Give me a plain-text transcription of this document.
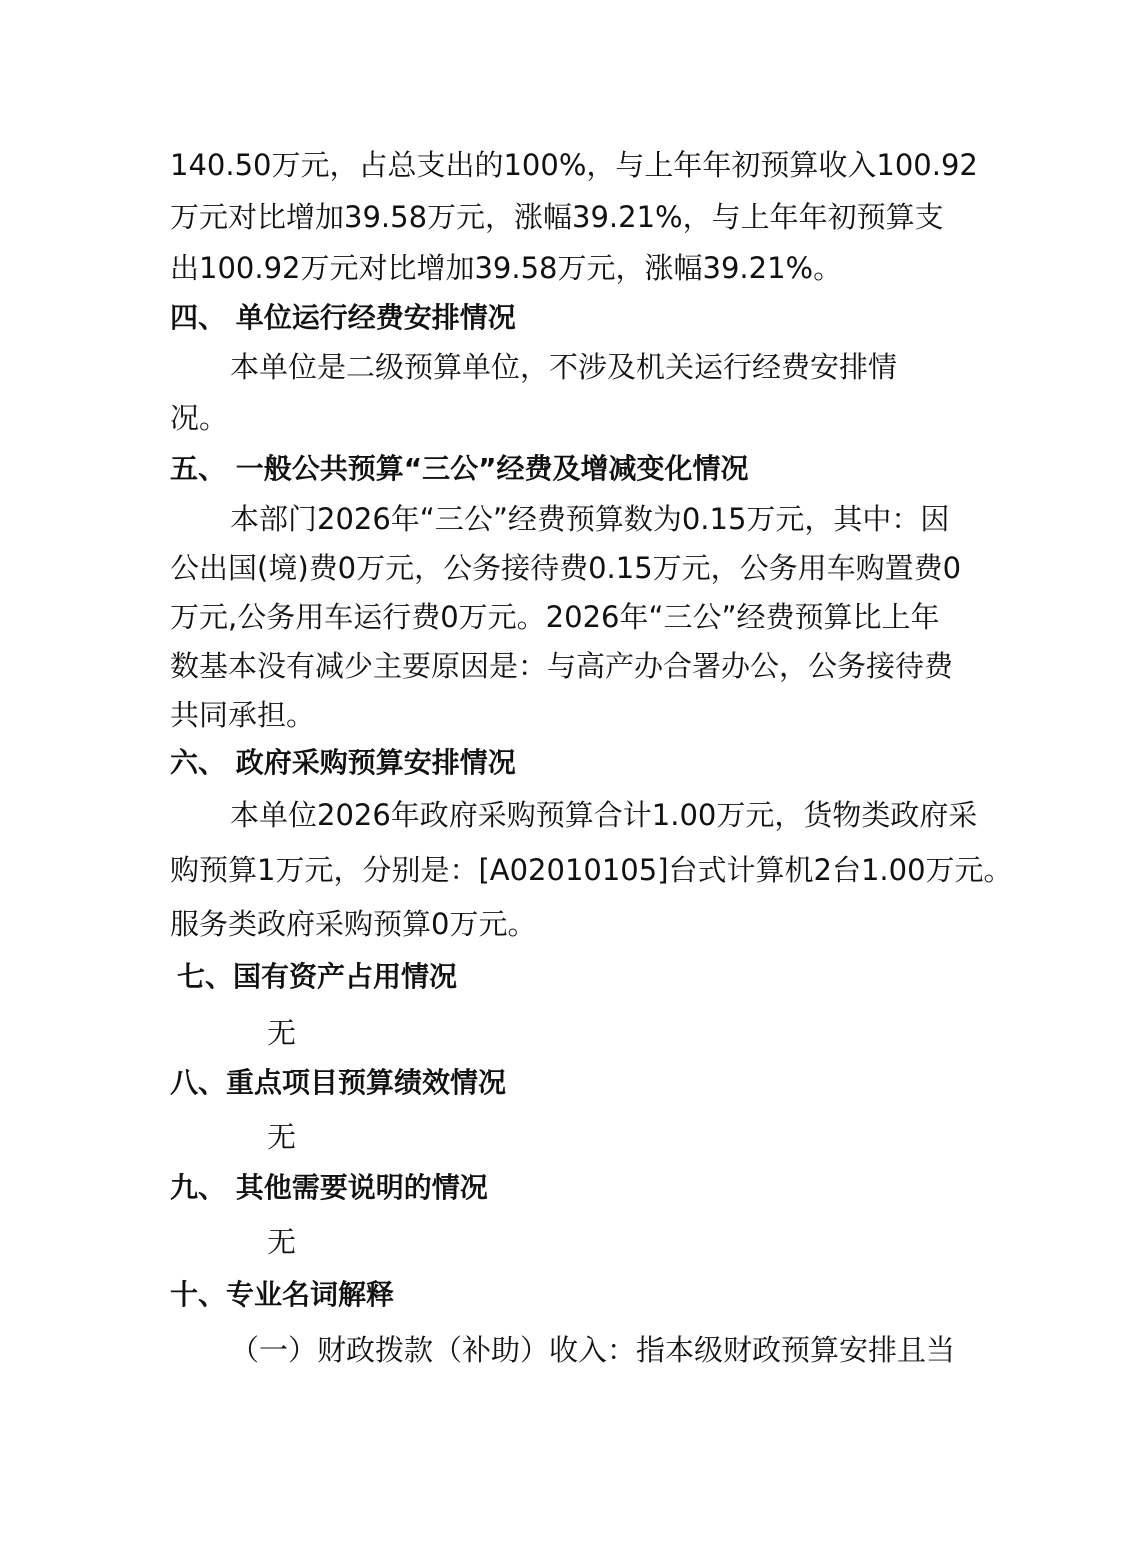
140.50万元，占总支出的100%，与上年年初预算收入100.92
万元对比增加39.58万元，涨幅39.21%，与上年年初预算支
出100.92万元对比增加39.58万元，涨幅39.21%。
四、 单位运行经费安排情况
本单位是二级预算单位，不涉及机关运行经费安排情
况。
五、 一般公共预算“三公”经费及增减变化情况
本部门2026年“三公”经费预算数为0.15万元，其中：因
公出国(境)费0万元，公务接待费0.15万元，公务用车购置费0
万元,公务用车运行费0万元。2026年“三公”经费预算比上年
数基本没有减少主要原因是：与高产办合署办公，公务接待费
共同承担。
六、 政府采购预算安排情况
本单位2026年政府采购预算合计1.00万元，货物类政府采
购预算1万元，分别是：[A02010105]台式计算机2台1.00万元。
服务类政府采购预算0万元。
七、国有资产占用情况
无
八、重点项目预算绩效情况
无
九、 其他需要说明的情况
无
十、专业名词解释
（一）财政拨款（补助）收入：指本级财政预算安排且当
